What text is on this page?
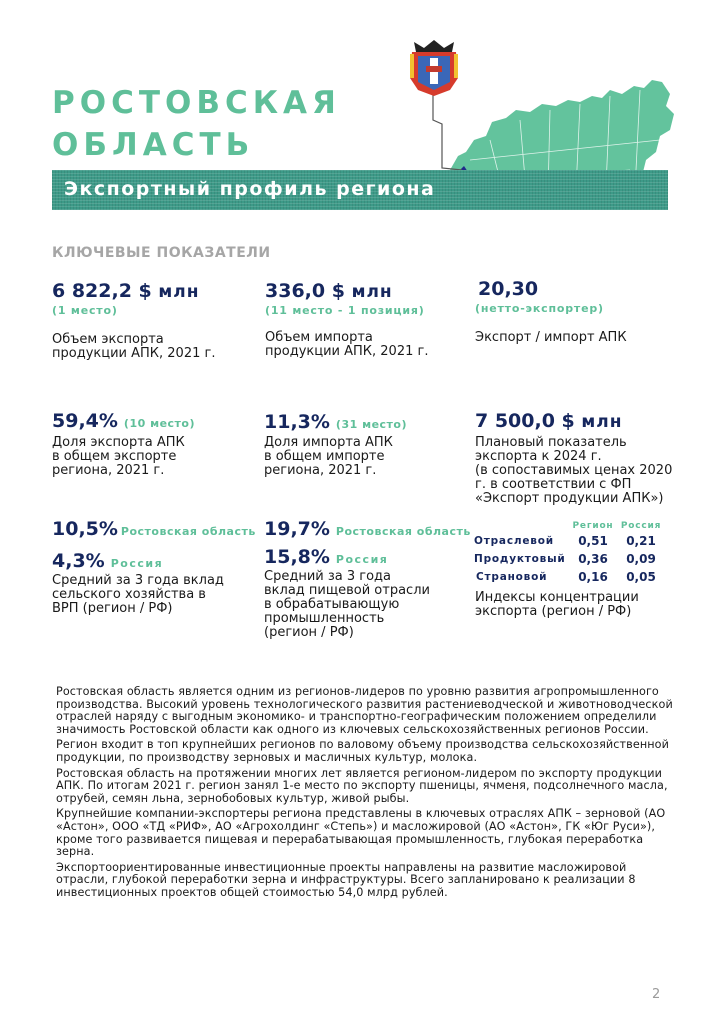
РОСТОВСКАЯ
ОБЛАСТЬ
Экспортный профиль региона
КЛЮЧЕВЫЕ ПОКАЗАТЕЛИ
6 822,2 $ млн
(1 место)
Объем экспорта
продукции АПК, 2021 г.
336,0 $ млн
(11 место - 1 позиция)
Объем импорта
продукции АПК, 2021 г.
20,30
(нетто-экспортер)
Экспорт / импорт АПК
59,4% (10 место)
Доля экспорта АПК
в общем экспорте
региона, 2021 г.
11,3% (31 место)
Доля импорта АПК
в общем импорте
региона, 2021 г.
7 500,0 $ млн
Плановый показатель
экспорта к 2024 г.
(в сопоставимых ценах 2020
г. в соответствии с ФП
«Экспорт продукции АПК»)
10,5% Ростовская область
4,3% Россия
Средний за 3 года вклад
сельского хозяйства в
ВРП (регион / РФ)
19,7% Ростовская область
15,8% Россия
Средний за 3 года
вклад пищевой отрасли
в обрабатывающую
промышленность
(регион / РФ)
	Регион	Россия
Отраслевой	0,51	0,21
Продуктовый	0,36	0,09
Страновой	0,16	0,05
Индексы концентрации
экспорта (регион / РФ)

Ростовская область является одним из регионов-лидеров по уровню развития агропромышленного производства. Высокий уровень технологического развития растениеводческой и животноводческой отраслей наряду с выгодным экономико- и транспортно-географическим положением определили значимость Ростовской области как одного из ключевых сельскохозяйственных регионов России.

Регион входит в топ крупнейших регионов по валовому объему производства сельскохозяйственной продукции, по производству зерновых и масличных культур, молока.

Ростовская область на протяжении многих лет является регионом-лидером по экспорту продукции АПК. По итогам 2021 г. регион занял 1-е место по экспорту пшеницы, ячменя, подсолнечного масла, отрубей, семян льна, зернобобовых культур, живой рыбы.

Крупнейшие компании-экспортеры региона представлены в ключевых отраслях АПК – зерновой (АО «Астон», ООО «ТД «РИФ», АО «Агрохолдинг «Степь») и масложировой (АО «Астон», ГК «Юг Руси»), кроме того развивается пищевая и перерабатывающая промышленность, глубокая переработка зерна.

Экспортоориентированные инвестиционные проекты направлены на развитие масложировой отрасли, глубокой переработки зерна и инфраструктуры. Всего запланировано к реализации 8 инвестиционных проектов общей стоимостью 54,0 млрд рублей.

2
